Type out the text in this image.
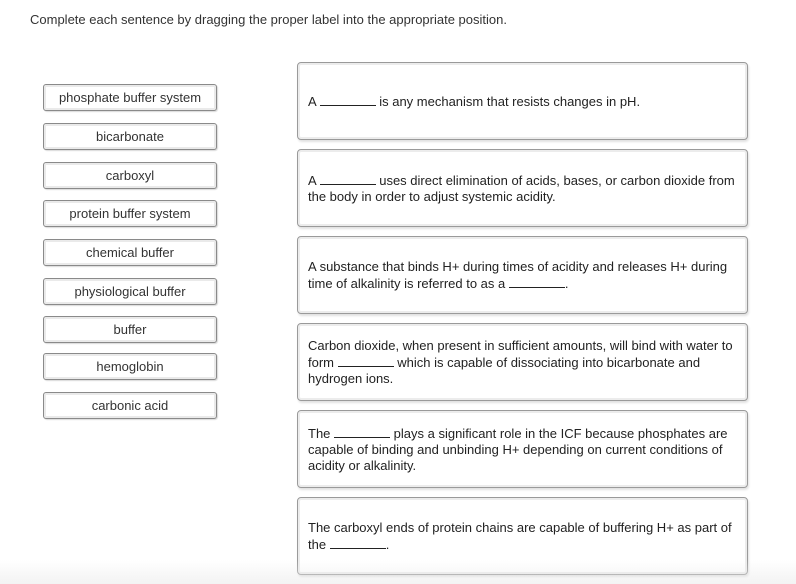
Complete each sentence by dragging the proper label into the appropriate position.
phosphate buffer system
bicarbonate
carboxyl
protein buffer system
chemical buffer
physiological buffer
buffer
hemoglobin
carbonic acid
A	is any mechanism that resists changes in pH.
A	uses direct elimination of acids, bases, or carbon dioxide from the body in order to adjust systemic acidity.
A substance that binds H+ during times of acidity and releases H+ during time of alkalinity is referred to as a	.
Carbon dioxide, when present in sufficient amounts, will bind with water to form	which is capable of dissociating into bicarbonate and hydrogen ions.
The	plays a significant role in the ICF because phosphates are capable of binding and unbinding H+ depending on current conditions of acidity or alkalinity.
The carboxyl ends of protein chains are capable of buffering H+ as part of the	.
